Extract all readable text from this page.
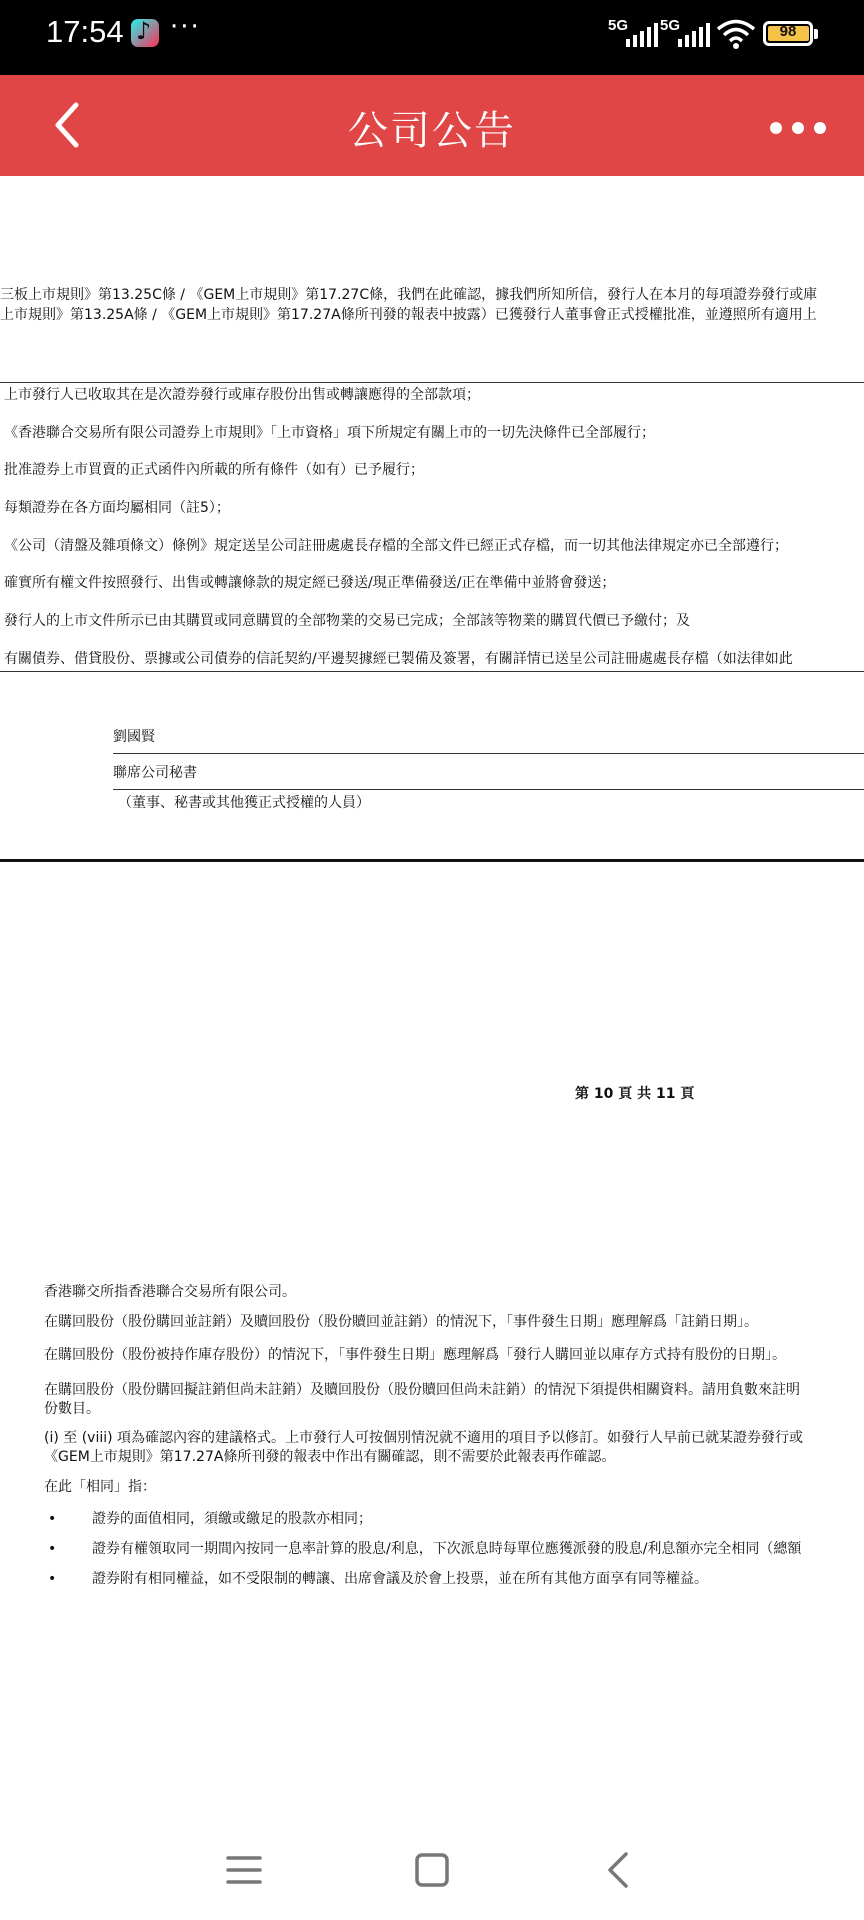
17:54
♪ ···	5G 5G	98
公司公告
三板上市規則》第13.25C條 / 《GEM上市規則》第17.27C條，我們在此確認，據我們所知所信，發行人在本月的每項證券發行或庫
上市規則》第13.25A條 / 《GEM上市規則》第17.27A條所刊發的報表中披露）已獲發行人董事會正式授權批准，並遵照所有適用上
上市發行人已收取其在是次證券發行或庫存股份出售或轉讓應得的全部款項；
《香港聯合交易所有限公司證券上市規則》「上市資格」項下所規定有關上市的一切先決條件已全部履行；
批准證券上市買賣的正式函件內所載的所有條件（如有）已予履行；
每類證券在各方面均屬相同（註5）；
《公司（清盤及雜項條文）條例》規定送呈公司註冊處處長存檔的全部文件已經正式存檔，而一切其他法律規定亦已全部遵行；
確實所有權文件按照發行、出售或轉讓條款的規定經已發送/現正準備發送/正在準備中並將會發送；
發行人的上市文件所示已由其購買或同意購買的全部物業的交易已完成；全部該等物業的購買代價已予繳付；及
有關債券、借貸股份、票據或公司債券的信託契約/平邊契據經已製備及簽署，有關詳情已送呈公司註冊處處長存檔（如法律如此
劉國賢
聯席公司秘書
（董事、秘書或其他獲正式授權的人員）
第 10 頁 共 11 頁
香港聯交所指香港聯合交易所有限公司。
在購回股份（股份購回並註銷）及贖回股份（股份贖回並註銷）的情況下，「事件發生日期」應理解爲「註銷日期」。
在購回股份（股份被持作庫存股份）的情況下，「事件發生日期」應理解爲「發行人購回並以庫存方式持有股份的日期」。
在購回股份（股份購回擬註銷但尚未註銷）及贖回股份（股份贖回但尚未註銷）的情況下須提供相關資料。請用負數來註明
份數目。
(i) 至 (viii) 項為確認內容的建議格式。上市發行人可按個別情況就不適用的項目予以修訂。如發行人早前已就某證券發行或
《GEM上市規則》第17.27A條所刊發的報表中作出有關確認，則不需要於此報表再作確認。
在此「相同」指：
•	證券的面值相同，須繳或繳足的股款亦相同；
•	證券有權領取同一期間內按同一息率計算的股息/利息，下次派息時每單位應獲派發的股息/利息額亦完全相同（總額
•	證券附有相同權益，如不受限制的轉讓、出席會議及於會上投票，並在所有其他方面享有同等權益。
